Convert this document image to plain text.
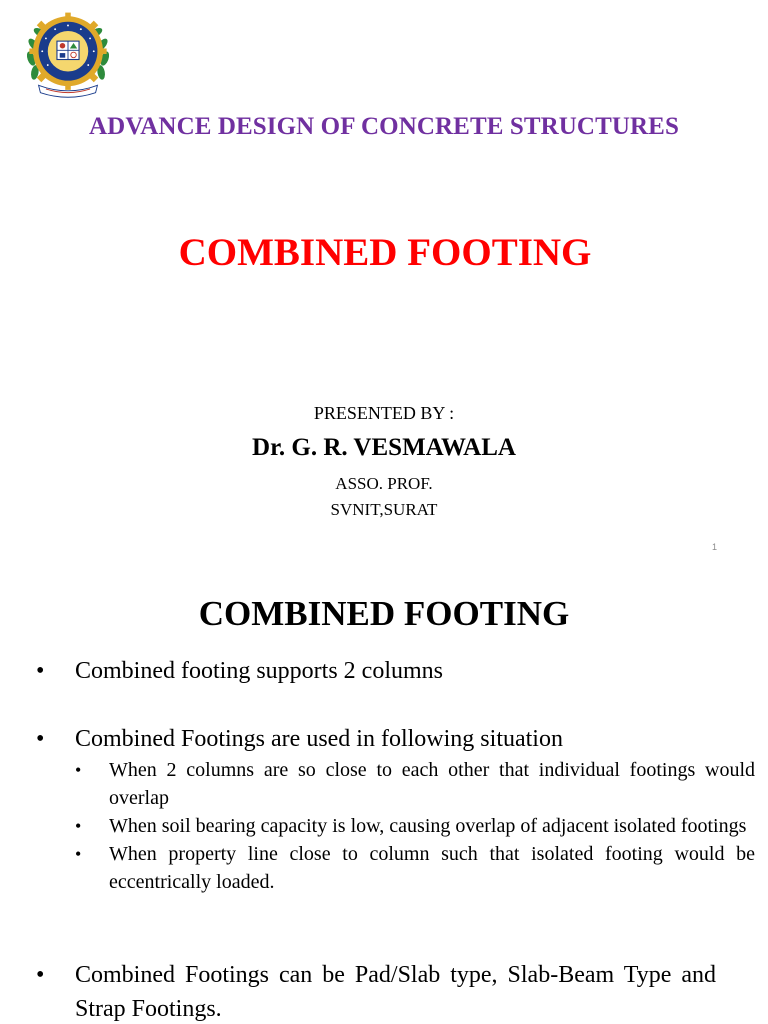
ADVANCE DESIGN OF CONCRETE STRUCTURES
COMBINED FOOTING
PRESENTED BY :
Dr. G. R. VESMAWALA
ASSO. PROF.
SVNIT,SURAT
1
COMBINED FOOTING
• Combined footing supports 2 columns
• Combined Footings are used in following situation
• When 2 columns are so close to each other that individual footings would overlap
• When soil bearing capacity is low, causing overlap of adjacent isolated footings
• When property line close to column such that isolated footing would be eccentrically loaded.
• Combined Footings can be Pad/Slab type, Slab-Beam Type and Strap Footings.
